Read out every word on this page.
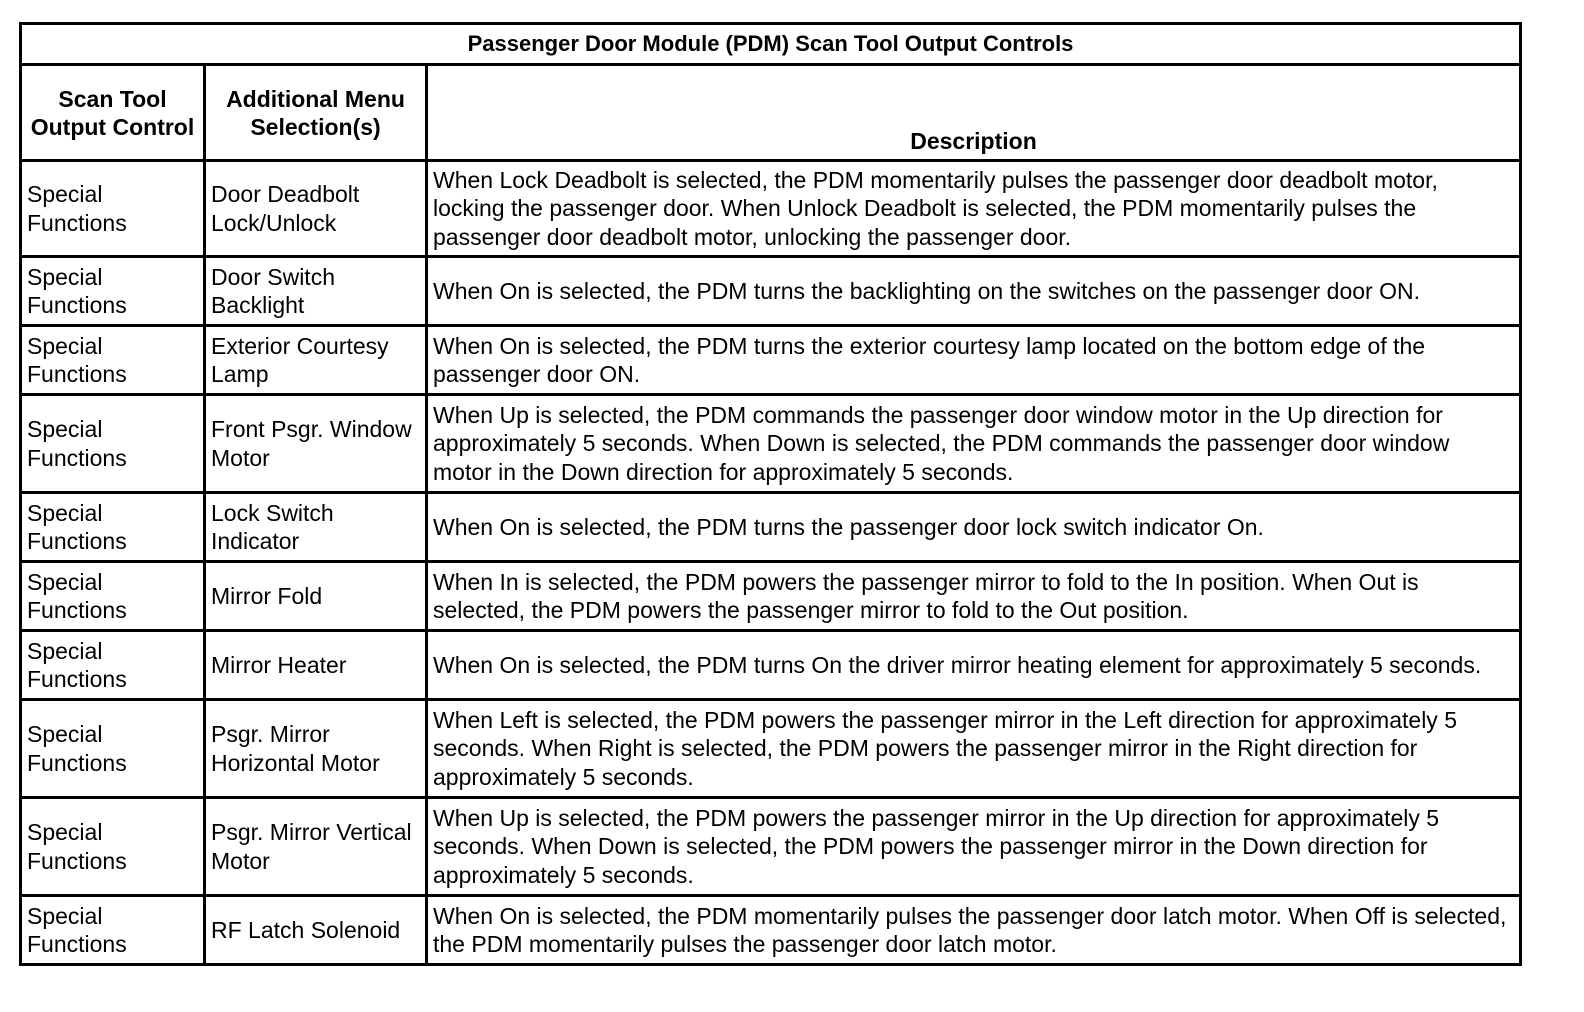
Passenger Door Module (PDM) Scan Tool Output Controls		
Scan Tool Output Control	Additional Menu Selection(s)	Description
Special Functions	Door Deadbolt Lock/Unlock	When Lock Deadbolt is selected, the PDM momentarily pulses the passenger door deadbolt motor, locking the passenger door. When Unlock Deadbolt is selected, the PDM momentarily pulses the passenger door deadbolt motor, unlocking the passenger door.
Special Functions	Door Switch Backlight	When On is selected, the PDM turns the backlighting on the switches on the passenger door ON.
Special Functions	Exterior Courtesy Lamp	When On is selected, the PDM turns the exterior courtesy lamp located on the bottom edge of the passenger door ON.
Special Functions	Front Psgr. Window Motor	When Up is selected, the PDM commands the passenger door window motor in the Up direction for approximately 5 seconds. When Down is selected, the PDM commands the passenger door window motor in the Down direction for approximately 5 seconds.
Special Functions	Lock Switch Indicator	When On is selected, the PDM turns the passenger door lock switch indicator On.
Special Functions	Mirror Fold	When In is selected, the PDM powers the passenger mirror to fold to the In position. When Out is selected, the PDM powers the passenger mirror to fold to the Out position.
Special Functions	Mirror Heater	When On is selected, the PDM turns On the driver mirror heating element for approximately 5 seconds.
Special Functions	Psgr. Mirror Horizontal Motor	When Left is selected, the PDM powers the passenger mirror in the Left direction for approximately 5 seconds. When Right is selected, the PDM powers the passenger mirror in the Right direction for approximately 5 seconds.
Special Functions	Psgr. Mirror Vertical Motor	When Up is selected, the PDM powers the passenger mirror in the Up direction for approximately 5 seconds. When Down is selected, the PDM powers the passenger mirror in the Down direction for approximately 5 seconds.
Special Functions	RF Latch Solenoid	When On is selected, the PDM momentarily pulses the passenger door latch motor. When Off is selected, the PDM momentarily pulses the passenger door latch motor.
